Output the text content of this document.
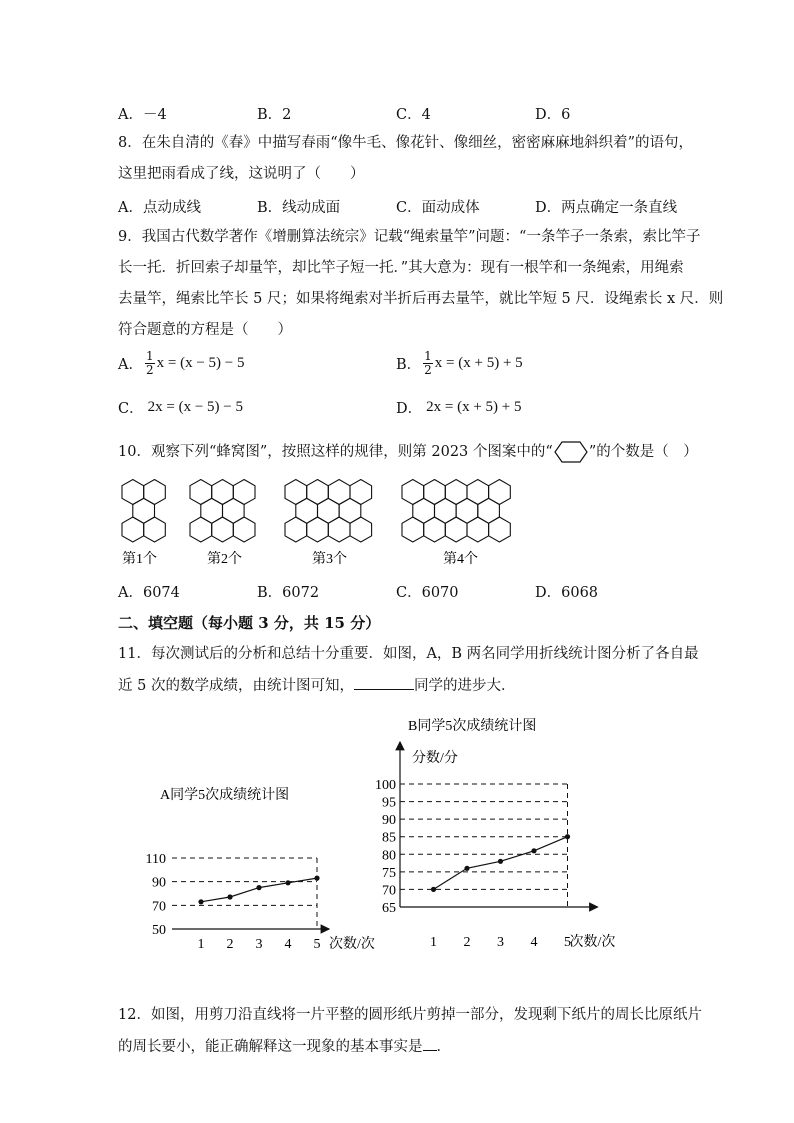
A．－4	B．2	C．4	D．6
8．在朱自清的《春》中描写春雨“像牛毛、像花针、像细丝，密密麻麻地斜织着”的语句，
这里把雨看成了线，这说明了（　　）
A．点动成线	B．线动成面	C．面动成体	D．两点确定一条直线
9．我国古代数学著作《增删算法统宗》记载“绳索量竿”问题：“一条竿子一条索，索比竿子
长一托．折回索子却量竿，却比竿子短一托．”其大意为：现有一根竿和一条绳索，用绳索
去量竿，绳索比竿长 5 尺；如果将绳索对半折后再去量竿，就比竿短 5 尺．设绳索长 x 尺．则
符合题意的方程是（　　）
A． $\frac{1}{2}$ x = (x − 5) − 5	B． $\frac{1}{2}$ x = (x + 5) + 5
C． 2x = (x − 5) − 5	D． 2x = (x + 5) + 5
10．观察下列“蜂窝图”，按照这样的规律，则第 2023 个图案中的“ ”的个数是（　）
第1个	第2个	第3个	第4个
A．6074	B．6072	C．6070	D．6068
二、填空题（每小题 3 分，共 15 分）
11．每次测试后的分析和总结十分重要．如图，A，B 两名同学用折线统计图分析了各自最
近 5 次的数学成绩，由统计图可知，	同学的进步大．
A同学5次成绩统计图
50
70
90
110
1 2 3 4 5 次数/次
B同学5次成绩统计图
分数/分
65
70
75
80
85
90
95
100
1 2 3 4 5
次数/次
12．如图，用剪刀沿直线将一片平整的圆形纸片剪掉一部分，发现剩下纸片的周长比原纸片
的周长要小，能正确解释这一现象的基本事实是 ．
